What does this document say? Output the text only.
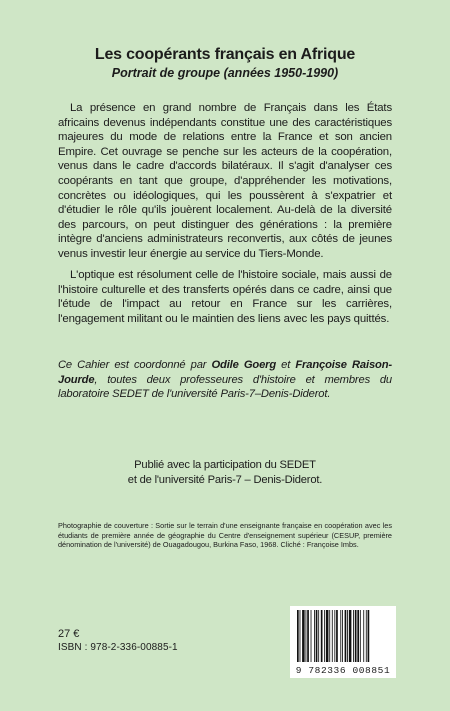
Les coopérants français en Afrique
Portrait de groupe (années 1950-1990)
La présence en grand nombre de Français dans les États africains devenus indépendants constitue une des caractéristiques majeures du mode de relations entre la France et son ancien Empire. Cet ouvrage se penche sur les acteurs de la coopération, venus dans le cadre d'accords bilatéraux. Il s'agit d'analyser ces coopérants en tant que groupe, d'appréhender les motivations, concrètes ou idéologiques, qui les poussèrent à s'expatrier et d'étudier le rôle qu'ils jouèrent localement. Au-delà de la diversité des parcours, on peut distinguer des générations : la première intègre d'anciens administrateurs reconvertis, aux côtés de jeunes venus investir leur énergie au service du Tiers-Monde.
L'optique est résolument celle de l'histoire sociale, mais aussi de l'histoire culturelle et des transferts opérés dans ce cadre, ainsi que l'étude de l'impact au retour en France sur les carrières, l'engagement militant ou le maintien des liens avec les pays quittés.
Ce Cahier est coordonné par Odile Goerg et Françoise Raison-Jourde, toutes deux professeures d'histoire et membres du laboratoire SEDET de l'université Paris-7–Denis-Diderot.
Publié avec la participation du SEDET
et de l'université Paris-7 – Denis-Diderot.
Photographie de couverture : Sortie sur le terrain d'une enseignante française en coopération avec les étudiants de première année de géographie du Centre d'enseignement supérieur (CESUP, première dénomination de l'université) de Ouagadougou, Burkina Faso, 1968. Cliché : Françoise Imbs.
27 €
ISBN : 978-2-336-00885-1
9 782336 008851
